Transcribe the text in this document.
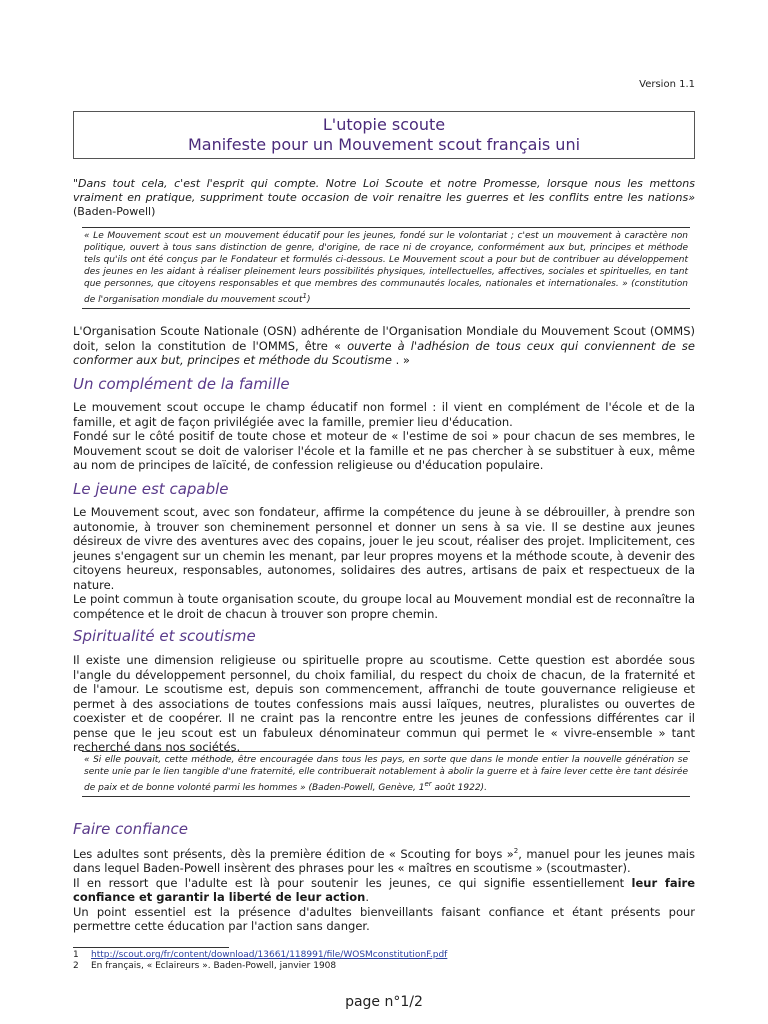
Version 1.1
L'utopie scoute
Manifeste pour un Mouvement scout français uni
"Dans tout cela, c'est l'esprit qui compte. Notre Loi Scoute et notre Promesse, lorsque nous les mettons vraiment en pratique, suppriment toute occasion de voir renaitre les guerres et les conflits entre les nations» (Baden-Powell)
« Le Mouvement scout est un mouvement éducatif pour les jeunes, fondé sur le volontariat ; c'est un mouvement à caractère non politique, ouvert à tous sans distinction de genre, d'origine, de race ni de croyance, conformément aux but, principes et méthode tels qu'ils ont été conçus par le Fondateur et formulés ci-dessous. Le Mouvement scout a pour but de contribuer au développement des jeunes en les aidant à réaliser pleinement leurs possibilités physiques, intellectuelles, affectives, sociales et spirituelles, en tant que personnes, que citoyens responsables et que membres des communautés locales, nationales et internationales. » (constitution de l'organisation mondiale du mouvement scout$^1$)
L'Organisation Scoute Nationale (OSN) adhérente de l'Organisation Mondiale du Mouvement Scout (OMMS) doit, selon la constitution de l'OMMS, être « ouverte à l'adhésion de tous ceux qui conviennent de se conformer aux but, principes et méthode du Scoutisme . »
Un complément de la famille

Le mouvement scout occupe le champ éducatif non formel : il vient en complément de l'école et de la famille, et agit de façon privilégiée avec la famille, premier lieu d'éducation.

Fondé sur le côté positif de toute chose et moteur de « l'estime de soi » pour chacun de ses membres, le Mouvement scout se doit de valoriser l'école et la famille et ne pas chercher à se substituer à eux, même au nom de principes de laïcité, de confession religieuse ou d'éducation populaire.

Le jeune est capable

Le Mouvement scout, avec son fondateur, affirme la compétence du jeune à se débrouiller, à prendre son autonomie, à trouver son cheminement personnel et donner un sens à sa vie. Il se destine aux jeunes désireux de vivre des aventures avec des copains, jouer le jeu scout, réaliser des projet. Implicitement, ces jeunes s'engagent sur un chemin les menant, par leur propres moyens et la méthode scoute, à devenir des citoyens heureux, responsables, autonomes, solidaires des autres, artisans de paix et respectueux de la nature.

Le point commun à toute organisation scoute, du groupe local au Mouvement mondial est de reconnaître la compétence et le droit de chacun à trouver son propre chemin.

Spiritualité et scoutisme

Il existe une dimension religieuse ou spirituelle propre au scoutisme. Cette question est abordée sous l'angle du développement personnel, du choix familial, du respect du choix de chacun, de la fraternité et de l'amour. Le scoutisme est, depuis son commencement, affranchi de toute gouvernance religieuse et permet à des associations de toutes confessions mais aussi laïques, neutres, pluralistes ou ouvertes de coexister et de coopérer. Il ne craint pas la rencontre entre les jeunes de confessions différentes car il pense que le jeu scout est un fabuleux dénominateur commun qui permet le « vivre-ensemble » tant recherché dans nos sociétés.

« Si elle pouvait, cette méthode, être encouragée dans tous les pays, en sorte que dans le monde entier la nouvelle génération se sente unie par le lien tangible d'une fraternité, elle contribuerait notablement à abolir la guerre et à faire lever cette ère tant désirée de paix et de bonne volonté parmi les hommes » (Baden-Powell, Genève, 1er août 1922).
Faire confiance

Les adultes sont présents, dès la première édition de « Scouting for boys »$^2$, manuel pour les jeunes mais dans lequel Baden-Powell insèrent des phrases pour les « maîtres en scoutisme » (scoutmaster).

Il en ressort que l'adulte est là pour soutenir les jeunes, ce qui signifie essentiellement leur faire confiance et garantir la liberté de leur action.

Un point essentiel est la présence d'adultes bienveillants faisant confiance et étant présents pour permettre cette éducation par l'action sans danger.

1	http://scout.org/fr/content/download/13661/118991/file/WOSMconstitutionF.pdf
2	En français, « Eclaireurs ». Baden-Powell, janvier 1908
page n°1/2
